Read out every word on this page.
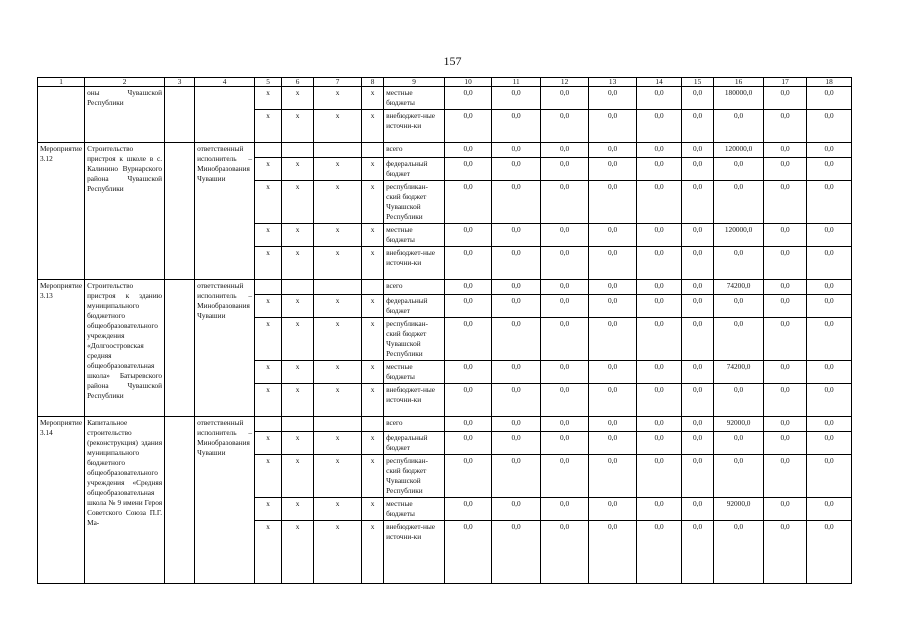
157
1	2	3	4	5	6	7	8	9	10	11	12	13	14	15	16	17	18
	оны Чувашской Республики			x	x	x	x	местные бюджеты	0,0	0,0	0,0	0,0	0,0	0,0	180000,0	0,0	0,0
				x	x	x	x	внебюджет-ные источни-ки	0,0	0,0	0,0	0,0	0,0	0,0	0,0	0,0	0,0
Мероприятие 3.12	Строительство пристроя к школе в с. Калинино Вурнарского района Чувашской Республики		ответственный исполнитель – Минобразования Чувашии					всего	0,0	0,0	0,0	0,0	0,0	0,0	120000,0	0,0	0,0
				x	x	x	x	федеральный бюджет	0,0	0,0	0,0	0,0	0,0	0,0	0,0	0,0	0,0
				x	x	x	x	республикан-ский бюджет Чувашской Республики	0,0	0,0	0,0	0,0	0,0	0,0	0,0	0,0	0,0
				x	x	x	x	местные бюджеты	0,0	0,0	0,0	0,0	0,0	0,0	120000,0	0,0	0,0
				x	x	x	x	внебюджет-ные источни-ки	0,0	0,0	0,0	0,0	0,0	0,0	0,0	0,0	0,0
Мероприятие 3.13	Строительство пристроя к зданию муниципального бюджетного общеобразовательного учреждения «Долгоостровская средняя общеобразовательная школа» Батыревского района Чувашской Республики		ответственный исполнитель – Минобразования Чувашии					всего	0,0	0,0	0,0	0,0	0,0	0,0	74200,0	0,0	0,0
				x	x	x	x	федеральный бюджет	0,0	0,0	0,0	0,0	0,0	0,0	0,0	0,0	0,0
				x	x	x	x	республикан-ский бюджет Чувашской Республики	0,0	0,0	0,0	0,0	0,0	0,0	0,0	0,0	0,0
				x	x	x	x	местные бюджеты	0,0	0,0	0,0	0,0	0,0	0,0	74200,0	0,0	0,0
				x	x	x	x	внебюджет-ные источни-ки	0,0	0,0	0,0	0,0	0,0	0,0	0,0	0,0	0,0
Мероприятие 3.14	Капитальное строительство (реконструкция) здания муниципального бюджетного общеобразовательного учреждения «Средняя общеобразовательная школа № 9 имени Героя Советского Союза П.Г. Ма-		ответственный исполнитель – Минобразования Чувашии					всего	0,0	0,0	0,0	0,0	0,0	0,0	92000,0	0,0	0,0
				x	x	x	x	федеральный бюджет	0,0	0,0	0,0	0,0	0,0	0,0	0,0	0,0	0,0
				x	x	x	x	республикан-ский бюджет Чувашской Республики	0,0	0,0	0,0	0,0	0,0	0,0	0,0	0,0	0,0
				x	x	x	x	местные бюджеты	0,0	0,0	0,0	0,0	0,0	0,0	92000,0	0,0	0,0
				x	x	x	x	внебюджет-ные источни-ки	0,0	0,0	0,0	0,0	0,0	0,0	0,0	0,0	0,0
